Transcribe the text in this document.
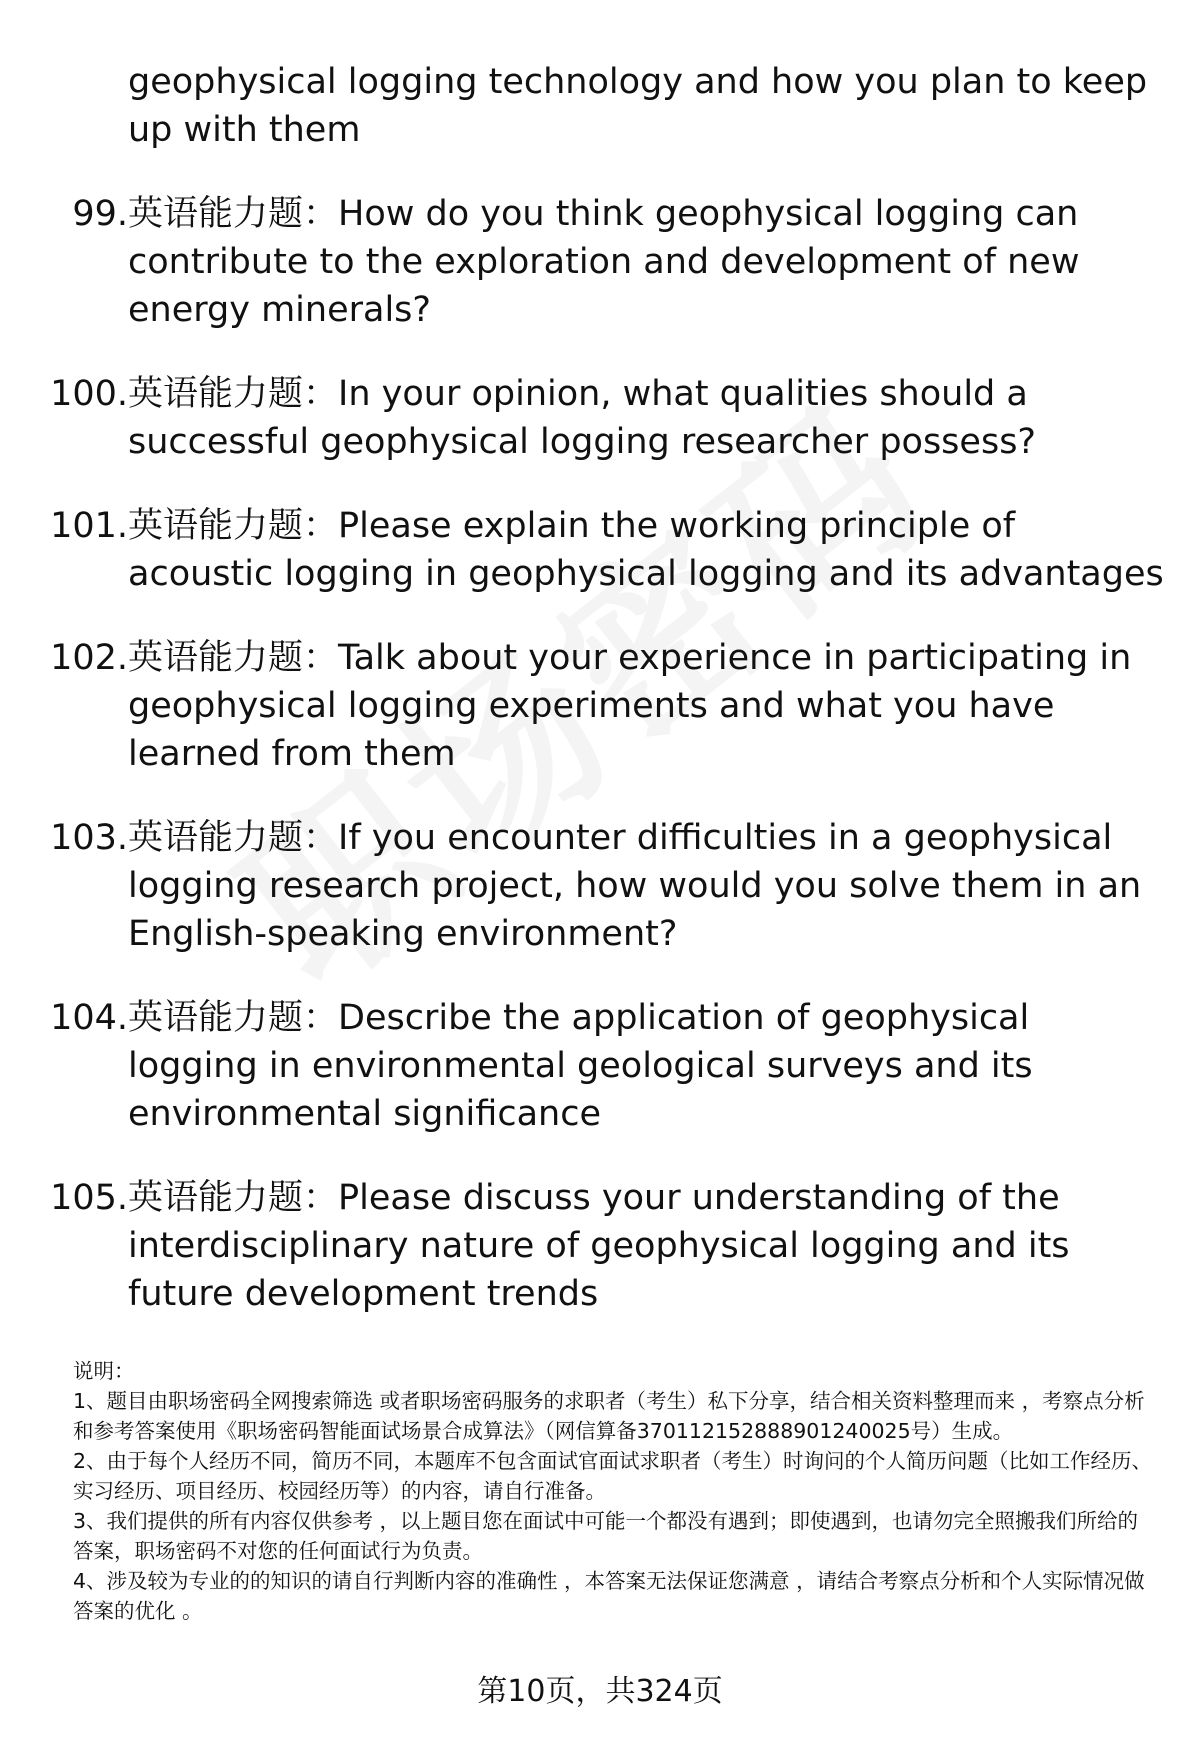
geophysical logging technology and how you plan to keep up with them
99. 英语能力题：How do you think geophysical logging can contribute to the exploration and development of new energy minerals?
100. 英语能力题：In your opinion, what qualities should a successful geophysical logging researcher possess?
101. 英语能力题：Please explain the working principle of acoustic logging in geophysical logging and its advantages
102. 英语能力题：Talk about your experience in participating in geophysical logging experiments and what you have learned from them
103. 英语能力题：If you encounter difficulties in a geophysical logging research project, how would you solve them in an English-speaking environment?
104. 英语能力题：Describe the application of geophysical logging in environmental geological surveys and its environmental significance
105. 英语能力题：Please discuss your understanding of the interdisciplinary nature of geophysical logging and its future development trends

说明：

1、题目由职场密码全网搜索筛选 或者职场密码服务的求职者（考生）私下分享，结合相关资料整理而来 ，考察点分析和参考答案使用《职场密码智能面试场景合成算法》（网信算备370112152888901240025号）生成。

2、由于每个人经历不同，简历不同，本题库不包含面试官面试求职者（考生）时询问的个人简历问题（比如工作经历、实习经历、项目经历、校园经历等）的内容，请自行准备。

3、我们提供的所有内容仅供参考 ，以上题目您在面试中可能一个都没有遇到；即使遇到，也请勿完全照搬我们所给的答案，职场密码不对您的任何面试行为负责。

4、涉及较为专业的的知识的请自行判断内容的准确性 ，本答案无法保证您满意 ，请结合考察点分析和个人实际情况做答案的优化 。

第10页，共324页
